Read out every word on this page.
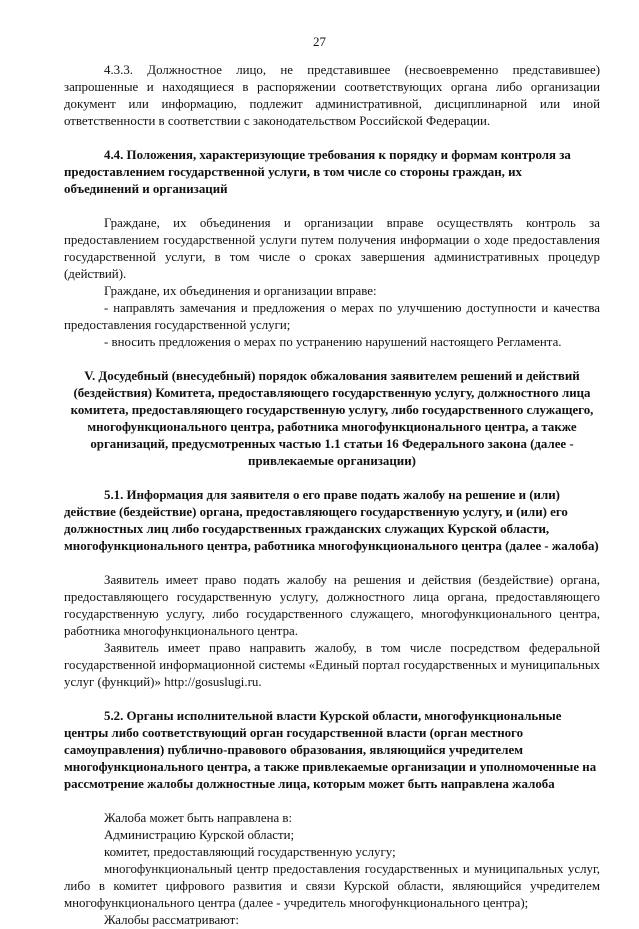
27

4.3.3. Должностное лицо, не представившее (несвоевременно представившее) запрошенные и находящиеся в распоряжении соответствующих органа либо организации документ или информацию, подлежит административной, дисциплинарной или иной ответственности в соответствии с законодательством Российской Федерации.

4.4. Положения, характеризующие требования к порядку и формам контроля за предоставлением государственной услуги, в том числе со стороны граждан, их объединений и организаций

Граждане, их объединения и организации вправе осуществлять контроль за предоставлением государственной услуги путем получения информации о ходе предоставления государственной услуги, в том числе о сроках завершения административных процедур (действий).

Граждане, их объединения и организации вправе:

- направлять замечания и предложения о мерах по улучшению доступности и качества предоставления государственной услуги;

- вносить предложения о мерах по устранению нарушений настоящего Регламента.

V. Досудебный (внесудебный) порядок обжалования заявителем решений и действий (бездействия) Комитета, предоставляющего государственную услугу, должностного лица комитета, предоставляющего государственную услугу, либо государственного служащего, многофункционального центра, работника многофункционального центра, а также организаций, предусмотренных частью 1.1 статьи 16 Федерального закона (далее - привлекаемые организации)

5.1. Информация для заявителя о его праве подать жалобу на решение и (или) действие (бездействие) органа, предоставляющего государственную услугу, и (или) его должностных лиц либо государственных гражданских служащих Курской области, многофункционального центра, работника многофункционального центра (далее - жалоба)

Заявитель имеет право подать жалобу на решения и действия (бездействие) органа, предоставляющего государственную услугу, должностного лица органа, предоставляющего государственную услугу, либо государственного служащего, многофункционального центра, работника многофункционального центра.

Заявитель имеет право направить жалобу, в том числе посредством федеральной государственной информационной системы «Единый портал государственных и муниципальных услуг (функций)» http://gosuslugi.ru.

5.2. Органы исполнительной власти Курской области, многофункциональные центры либо соответствующий орган государственной власти (орган местного самоуправления) публично-правового образования, являющийся учредителем многофункционального центра, а также привлекаемые организации и уполномоченные на рассмотрение жалобы должностные лица, которым может быть направлена жалоба

Жалоба может быть направлена в:

Администрацию Курской области;

комитет, предоставляющий государственную услугу;

многофункциональный центр предоставления государственных и муниципальных услуг, либо в комитет цифрового развития и связи Курской области, являющийся учредителем многофункционального центра (далее - учредитель многофункционального центра);

Жалобы рассматривают:
